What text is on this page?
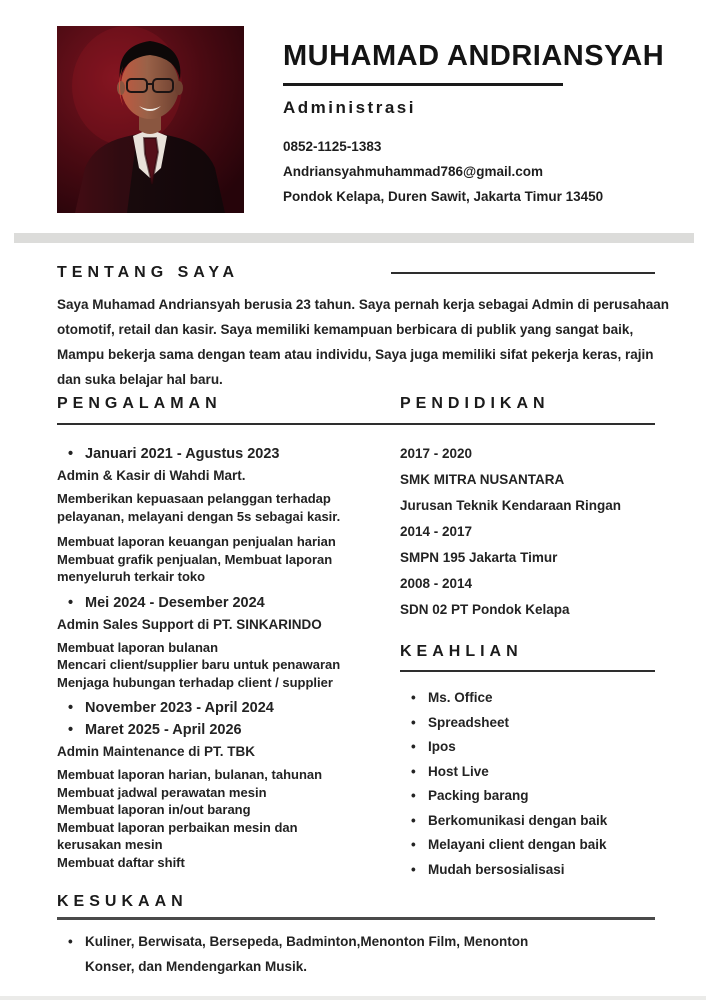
MUHAMAD ANDRIANSYAH
Administrasi
0852-1125-1383
Andriansyahmuhammad786@gmail.com
Pondok Kelapa, Duren Sawit, Jakarta Timur 13450
TENTANG SAYA

Saya Muhamad Andriansyah berusia 23 tahun. Saya pernah kerja sebagai Admin di perusahaan otomotif, retail dan kasir. Saya memiliki kemampuan berbicara di publik yang sangat baik, Mampu bekerja sama dengan team atau individu, Saya juga memiliki sifat pekerja keras, rajin dan suka belajar hal baru.

PENGALAMAN	PENDIDIKAN
• Januari 2021 - Agustus 2023
Admin & Kasir di Wahdi Mart.
Memberikan kepuasaan pelanggan terhadap
pelayanan, melayani dengan 5s sebagai kasir.
Membuat laporan keuangan penjualan harian
Membuat grafik penjualan, Membuat laporan
menyeluruh terkair toko
• Mei 2024 - Desember 2024
Admin Sales Support di PT. SINKARINDO
Membuat laporan bulanan
Mencari client/supplier baru untuk penawaran
Menjaga hubungan terhadap client / supplier
• November 2023 - April 2024
• Maret 2025 - April 2026
Admin Maintenance di PT. TBK
Membuat laporan harian, bulanan, tahunan
Membuat jadwal perawatan mesin
Membuat laporan in/out barang
Membuat laporan perbaikan mesin dan
kerusakan mesin
Membuat daftar shift
2017 - 2020
SMK MITRA NUSANTARA
Jurusan Teknik Kendaraan Ringan
2014 - 2017
SMPN 195 Jakarta Timur
2008 - 2014
SDN 02 PT Pondok Kelapa
KEAHLIAN
• Ms. Office
• Spreadsheet
• Ipos
• Host Live
• Packing barang
• Berkomunikasi dengan baik
• Melayani client dengan baik
• Mudah bersosialisasi
KESUKAAN
• Kuliner, Berwisata, Bersepeda, Badminton,Menonton Film, Menonton Konser, dan Mendengarkan Musik.
